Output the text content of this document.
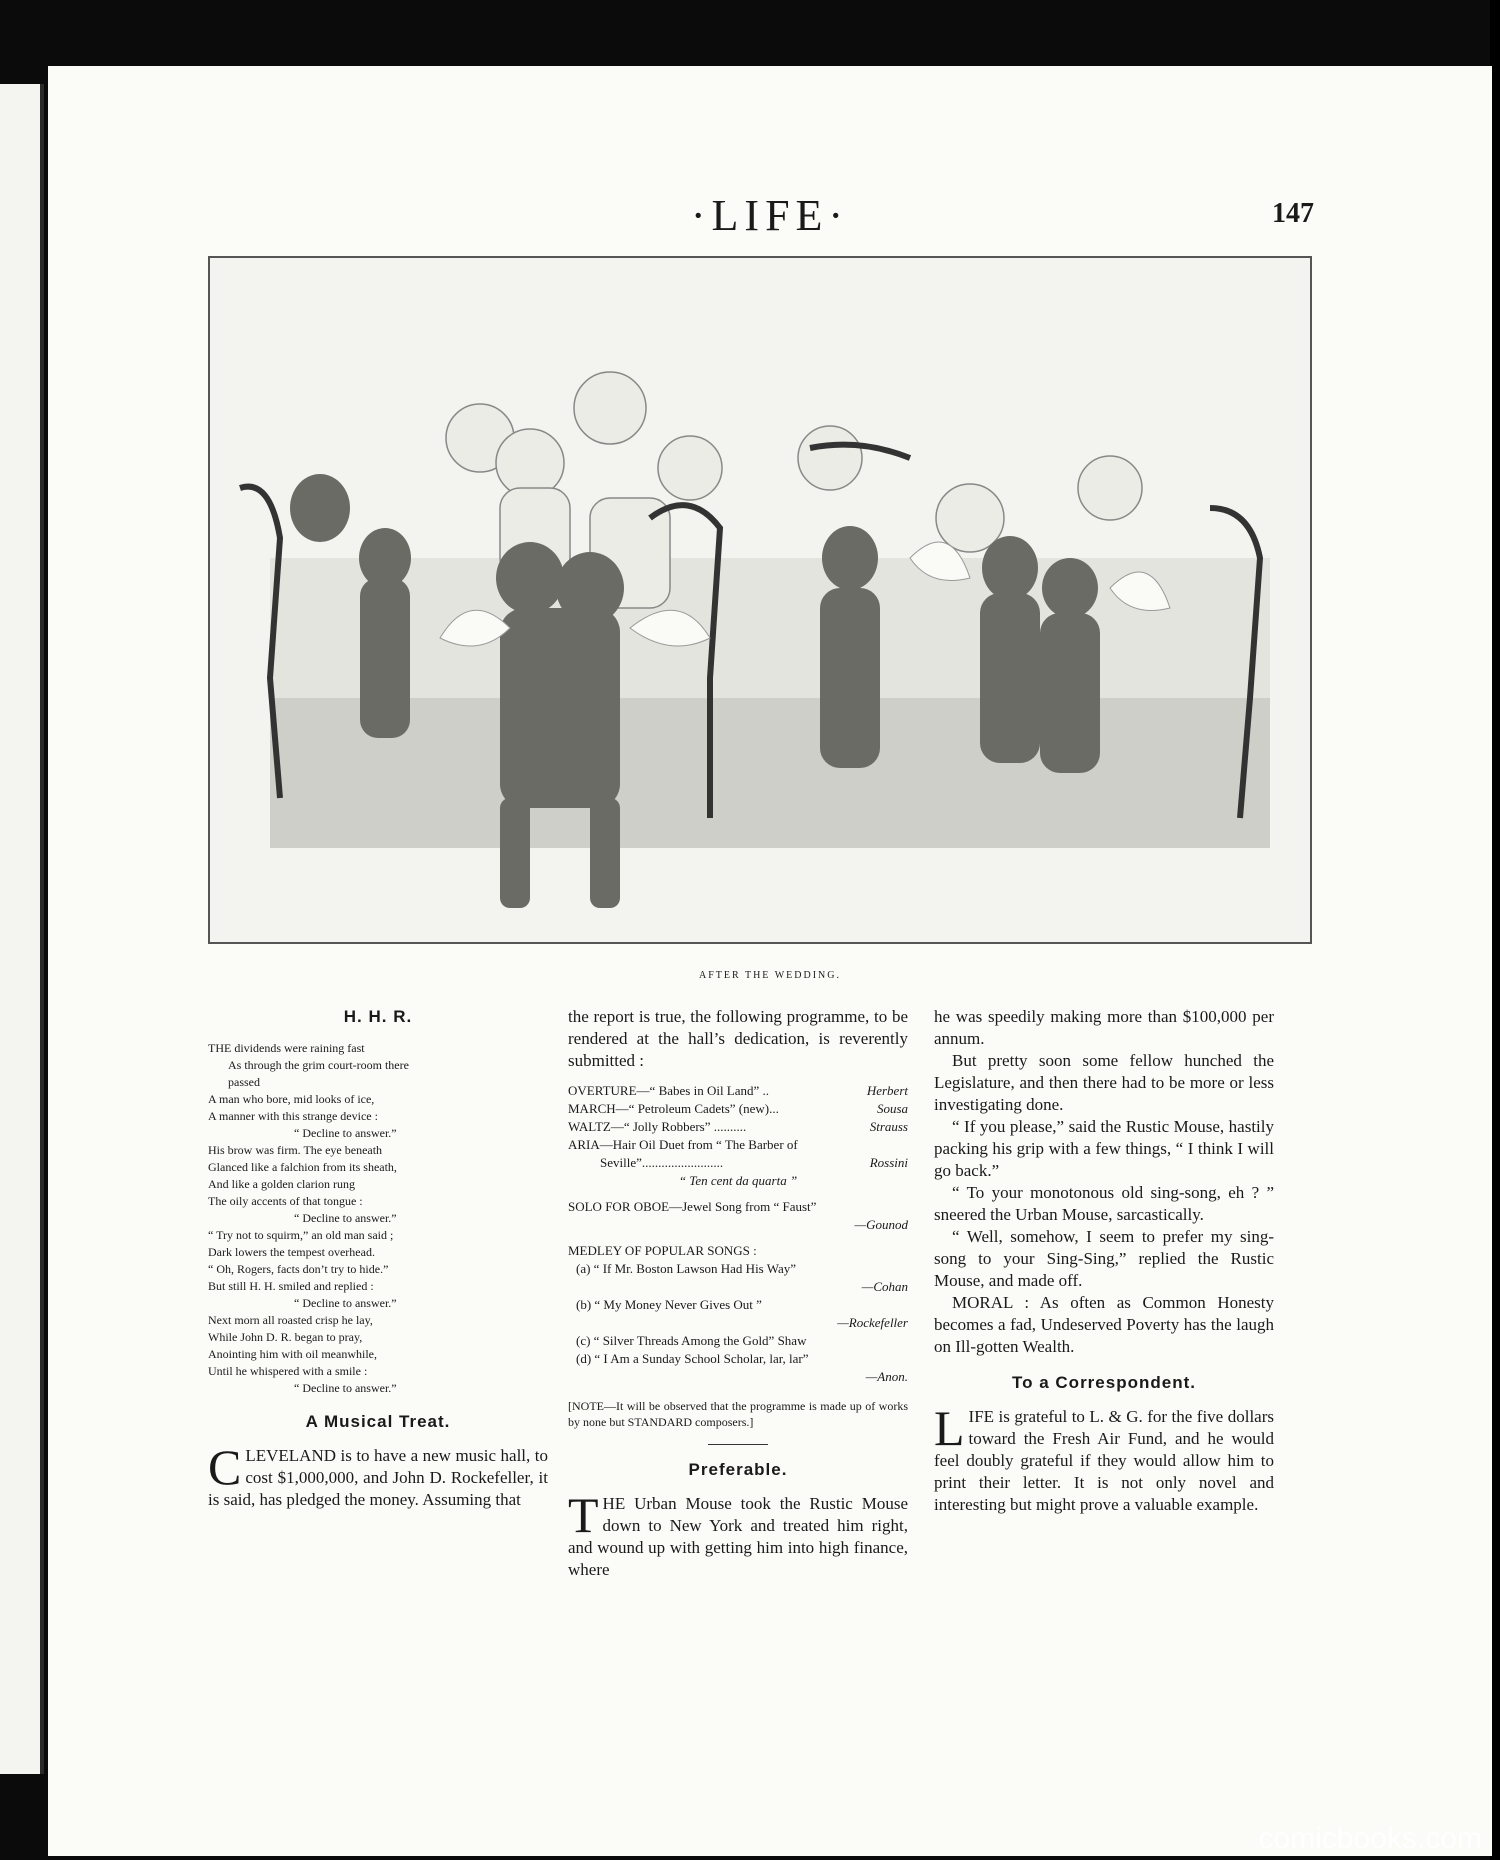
·LIFE·	147
AFTER THE WEDDING.
H. H. R.
THE dividends were raining fast
As through the grim court-room there
passed
A man who bore, mid looks of ice,
A manner with this strange device :
“ Decline to answer.”
His brow was firm. The eye beneath
Glanced like a falchion from its sheath,
And like a golden clarion rung
The oily accents of that tongue :
“ Decline to answer.”
“ Try not to squirm,” an old man said ;
Dark lowers the tempest overhead.
“ Oh, Rogers, facts don’t try to hide.”
But still H. H. smiled and replied :
“ Decline to answer.”
Next morn all roasted crisp he lay,
While John D. R. began to pray,
Anointing him with oil meanwhile,
Until he whispered with a smile :
“ Decline to answer.”
A Musical Treat.

CLEVELAND is to have a new music hall, to cost $1,000,000, and John D. Rockefeller, it is said, has pledged the money. Assuming that

the report is true, the following programme, to be rendered at the hall’s dedication, is reverently submitted :

OVERTURE—“ Babes in Oil Land” ..	Herbert
MARCH—“ Petroleum Cadets” (new)...	Sousa
WALTZ—“ Jolly Robbers” ..........	Strauss
ARIA—Hair Oil Duet from “ The Barber of
Seville”.........................	Rossini
“ Ten cent da quarta ”
SOLO FOR OBOE—Jewel Song from “ Faust”
—Gounod
MEDLEY OF POPULAR SONGS :
(a) “ If Mr. Boston Lawson Had His Way”
—Cohan
(b) “ My Money Never Gives Out ”
—Rockefeller
(c) “ Silver Threads Among the Gold” Shaw
(d) “ I Am a Sunday School Scholar, lar, lar”
—Anon.
[NOTE—It will be observed that the programme is made up of works by none but STANDARD composers.]
Preferable.

THE Urban Mouse took the Rustic Mouse down to New York and treated him right, and wound up with getting him into high finance, where

he was speedily making more than $100,000 per annum.

But pretty soon some fellow hunched the Legislature, and then there had to be more or less investigating done.

“ If you please,” said the Rustic Mouse, hastily packing his grip with a few things, “ I think I will go back.”

“ To your monotonous old sing-song, eh ? ” sneered the Urban Mouse, sarcastically.

“ Well, somehow, I seem to prefer my sing-song to your Sing-Sing,” replied the Rustic Mouse, and made off.

MORAL : As often as Common Honesty becomes a fad, Undeserved Poverty has the laugh on Ill-gotten Wealth.

To a Correspondent.

LIFE is grateful to L. & G. for the five dollars toward the Fresh Air Fund, and he would feel doubly grateful if they would allow him to print their letter. It is not only novel and interesting but might prove a valuable example.

comicbooks.com
